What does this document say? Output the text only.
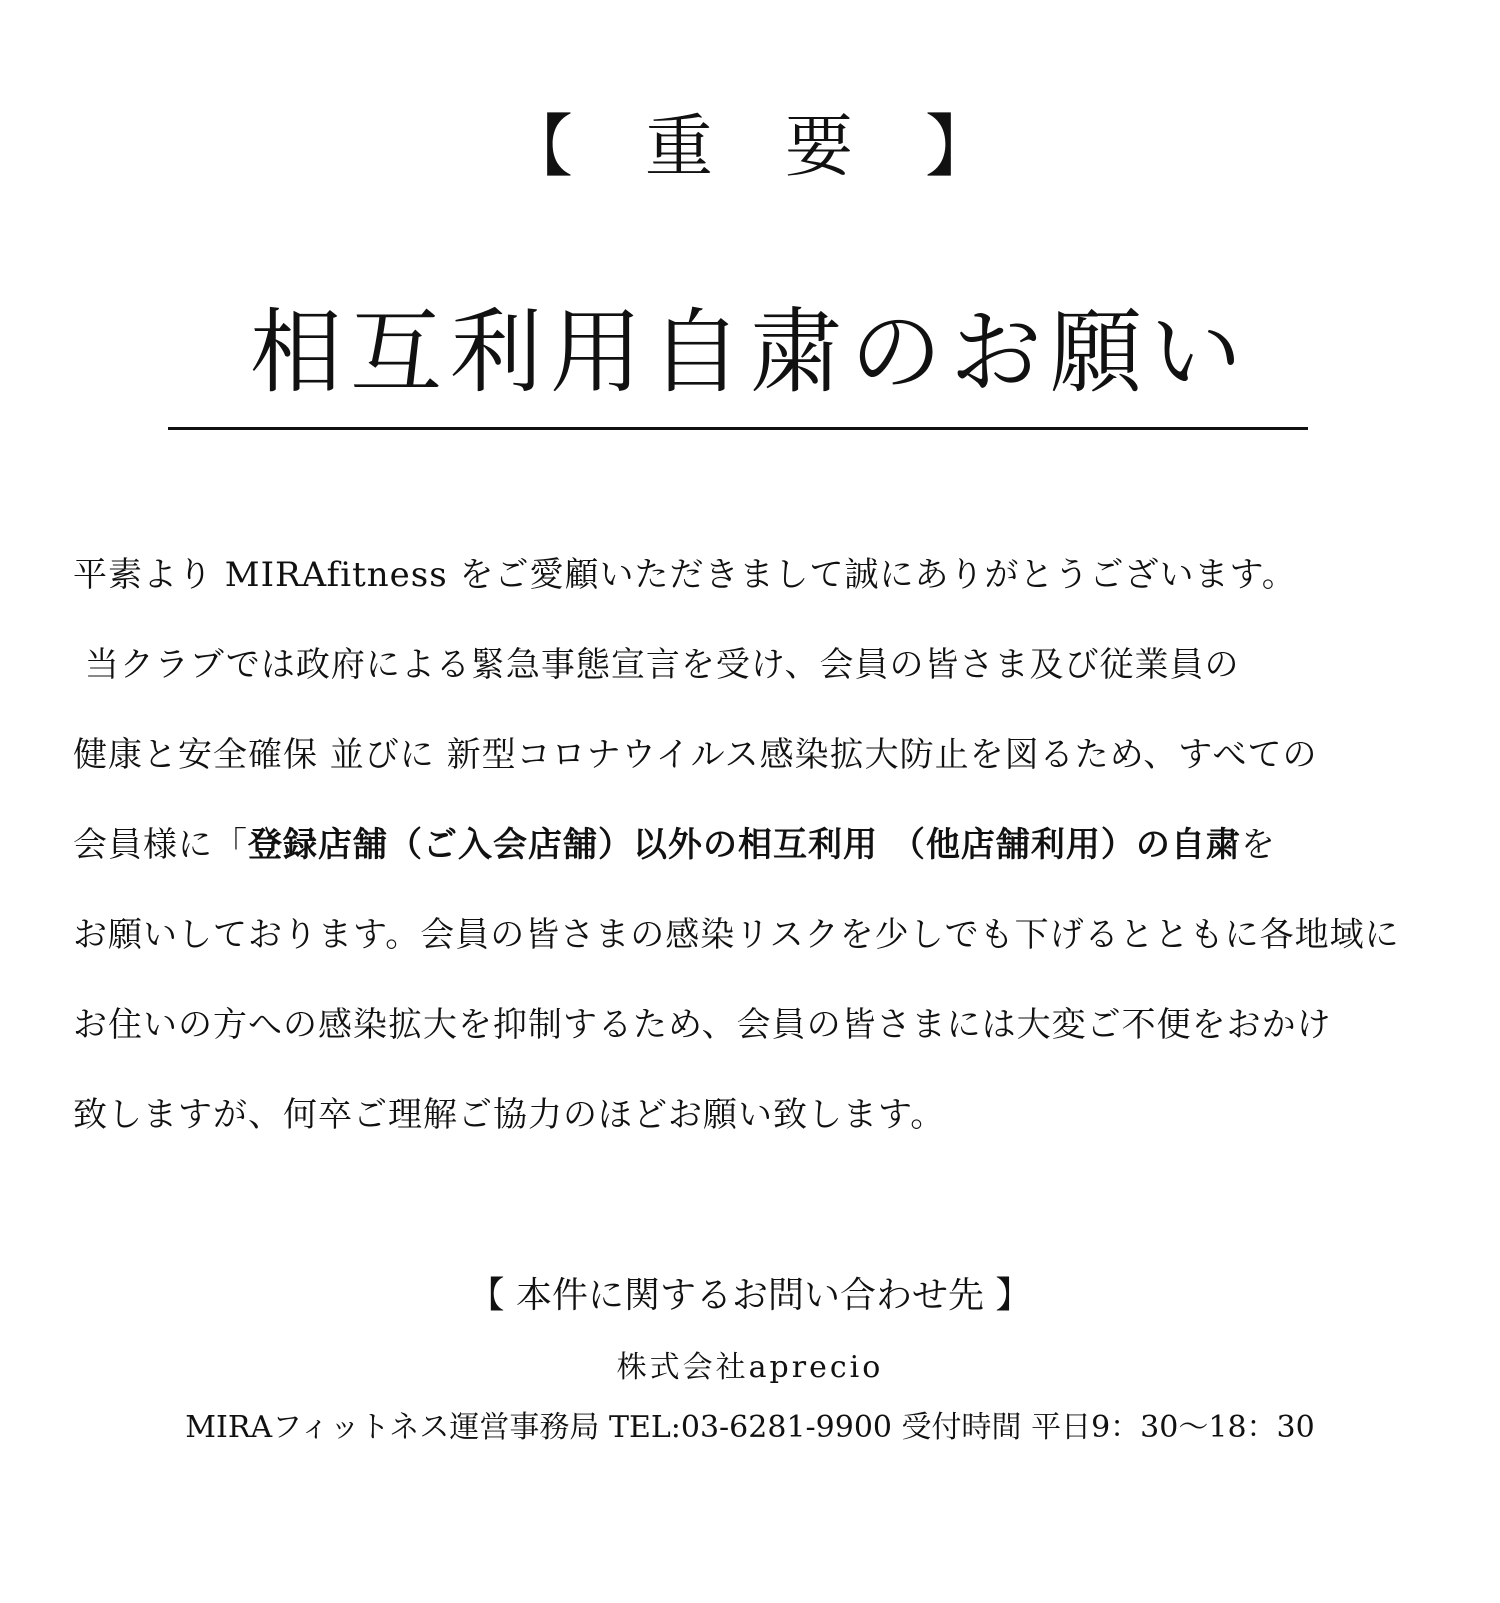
【　重　要　】
相互利用自粛のお願い
平素より MIRAfitness をご愛顧いただきまして誠にありがとうございます。
当クラブでは政府による緊急事態宣言を受け、会員の皆さま及び従業員の
健康と安全確保 並びに 新型コロナウイルス感染拡大防止を図るため、すべての
会員様に「登録店舗（ご入会店舗）以外の相互利用 （他店舗利用）の自粛を
お願いしております。会員の皆さまの感染リスクを少しでも下げるとともに各地域に
お住いの方への感染拡大を抑制するため、会員の皆さまには大変ご不便をおかけ
致しますが、何卒ご理解ご協力のほどお願い致します。
【 本件に関するお問い合わせ先 】
株式会社aprecio
MIRAフィットネス運営事務局 TEL:03-6281-9900 受付時間 平日9：30〜18：30
